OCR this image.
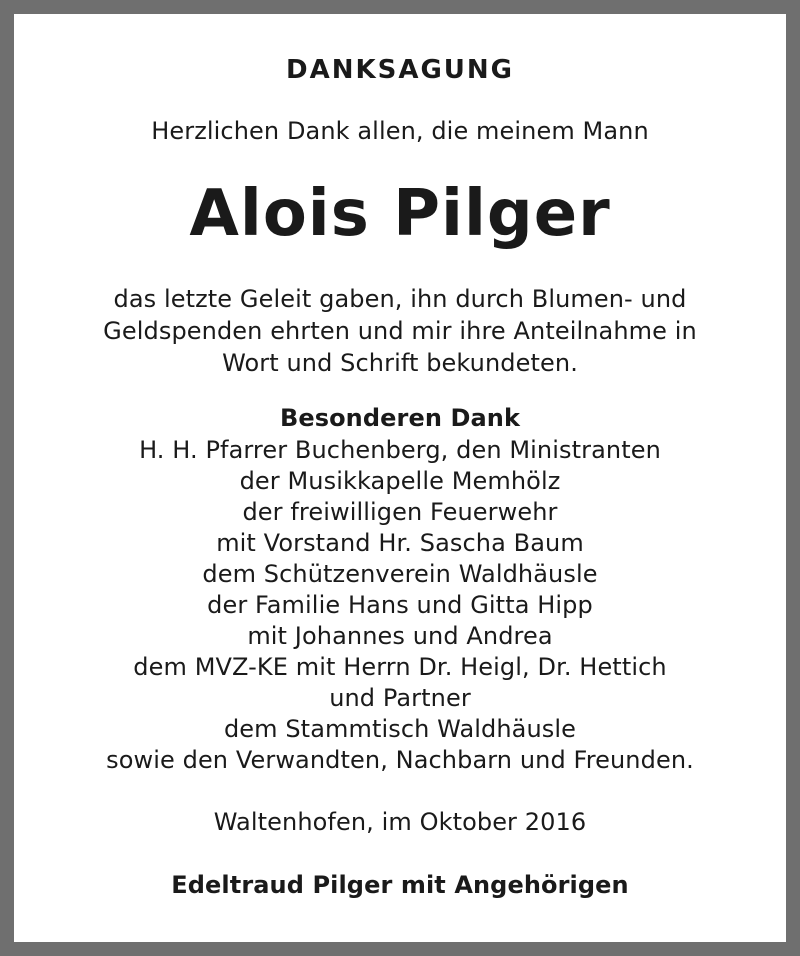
DANKSAGUNG
Herzlichen Dank allen, die meinem Mann
Alois Pilger
das letzte Geleit gaben, ihn durch Blumen- und
Geldspenden ehrten und mir ihre Anteilnahme in
Wort und Schrift bekundeten.
Besonderen Dank
H. H. Pfarrer Buchenberg, den Ministranten
der Musikkapelle Memhölz
der freiwilligen Feuerwehr
mit Vorstand Hr. Sascha Baum
dem Schützenverein Waldhäusle
der Familie Hans und Gitta Hipp
mit Johannes und Andrea
dem MVZ-KE mit Herrn Dr. Heigl, Dr. Hettich
und Partner
dem Stammtisch Waldhäusle
sowie den Verwandten, Nachbarn und Freunden.
Waltenhofen, im Oktober 2016
Edeltraud Pilger mit Angehörigen
